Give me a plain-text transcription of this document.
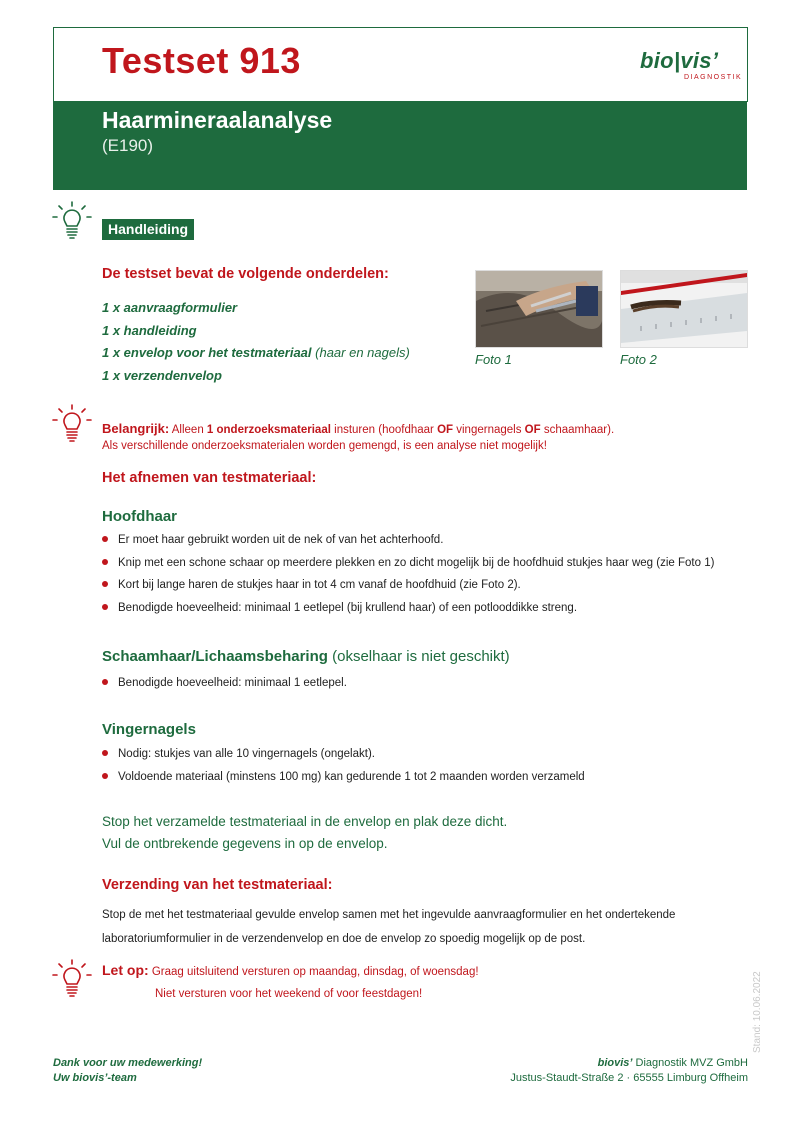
Testset 913	bio|vis’
DIAGNOSTIK
Haarmineraalanalyse
(E190)
Handleiding
De testset bevat de volgende onderdelen:
1 x aanvraagformulier
1 x handleiding
1 x envelop voor het testmateriaal (haar en nagels)
1 x verzendenvelop
Foto 1	Foto 2
Belangrijk: Alleen 1 onderzoeksmateriaal insturen (hoofdhaar OF vingernagels OF schaamhaar).
Als verschillende onderzoeksmaterialen worden gemengd, is een analyse niet mogelijk!
Het afnemen van testmateriaal:
Hoofdhaar
Er moet haar gebruikt worden uit de nek of van het achterhoofd.
Knip met een schone schaar op meerdere plekken en zo dicht mogelijk bij de hoofdhuid stukjes haar weg (zie Foto 1)
Kort bij lange haren de stukjes haar in tot 4 cm vanaf de hoofdhuid (zie Foto 2).
Benodigde hoeveelheid: minimaal 1 eetlepel (bij krullend haar) of een potlooddikke streng.
Schaamhaar/Lichaamsbeharing (okselhaar is niet geschikt)
Benodigde hoeveelheid: minimaal 1 eetlepel.
Vingernagels
Nodig: stukjes van alle 10 vingernagels (ongelakt).
Voldoende materiaal (minstens 100 mg) kan gedurende 1 tot 2 maanden worden verzameld
Stop het verzamelde testmateriaal in de envelop en plak deze dicht.
Vul de ontbrekende gegevens in op de envelop.
Verzending van het testmateriaal:
Stop de met het testmateriaal gevulde envelop samen met het ingevulde aanvraagformulier en het ondertekende
laboratoriumformulier in de verzendenvelop en doe de envelop zo spoedig mogelijk op de post.
Let op: Graag uitsluitend versturen op maandag, dinsdag, of woensdag!
Niet versturen voor het weekend of voor feestdagen!	Stand: 10.06.2022
Dank voor uw medewerking!
Uw biovis’-team
biovis’ Diagnostik MVZ GmbH
Justus-Staudt-Straße 2 · 65555 Limburg Offheim
